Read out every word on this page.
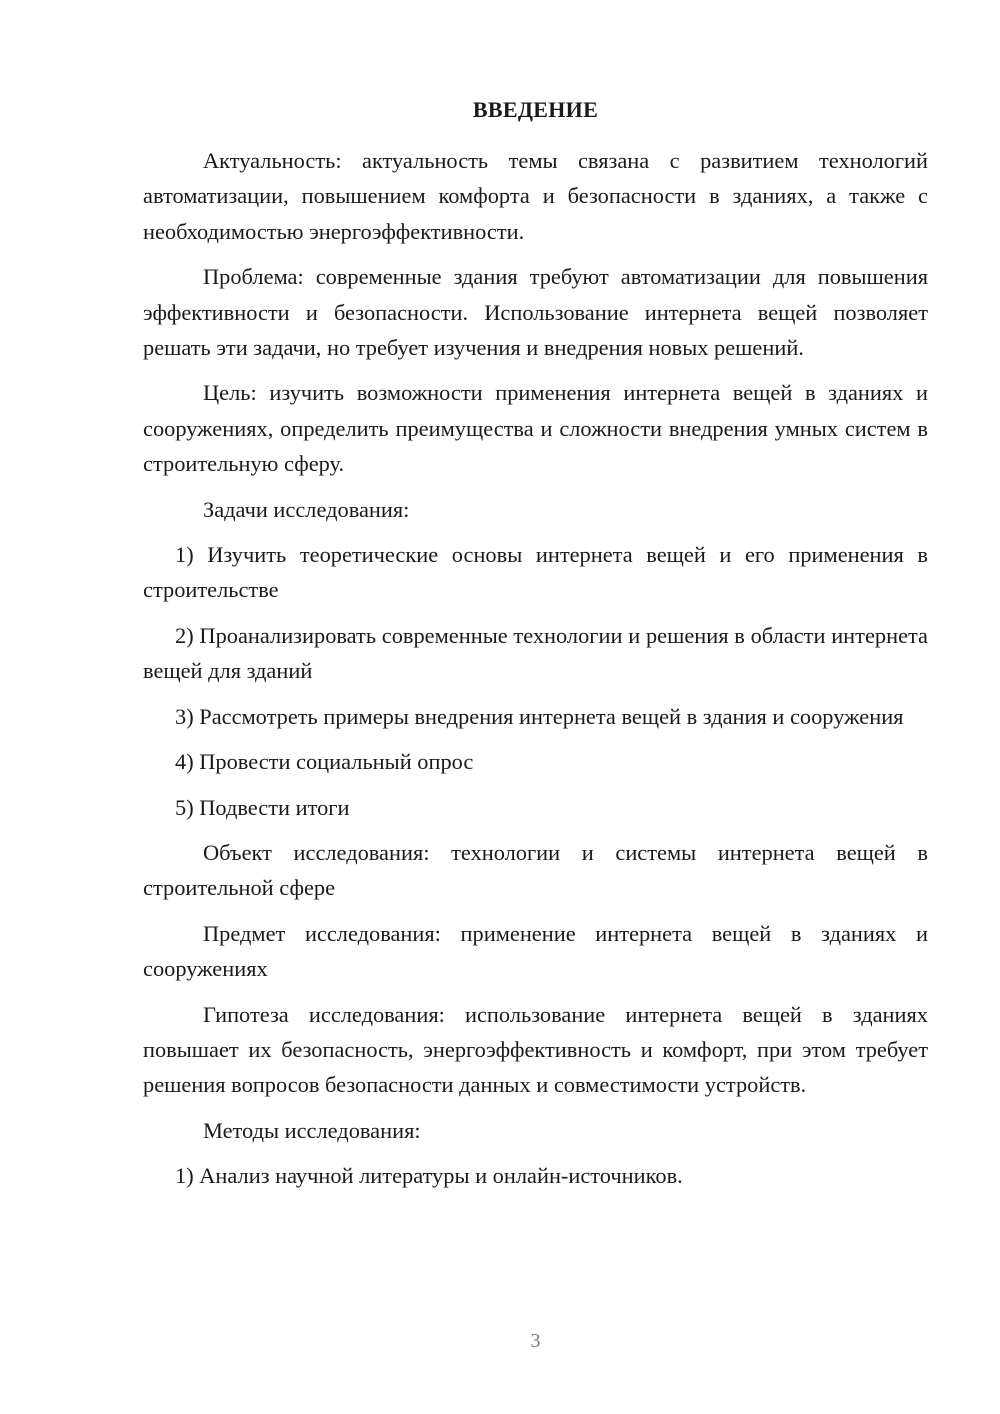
ВВЕДЕНИЕ

Актуальность: актуальность темы связана с развитием технологий автоматизации, повышением комфорта и безопасности в зданиях, а также с необходимостью энергоэффективности.

Проблема: современные здания требуют автоматизации для повышения эффективности и безопасности. Использование интернета вещей позволяет решать эти задачи, но требует изучения и внедрения новых решений.

Цель: изучить возможности применения интернета вещей в зданиях и сооружениях, определить преимущества и сложности внедрения умных систем в строительную сферу.

Задачи исследования:

1) Изучить теоретические основы интернета вещей и его применения в строительстве

2) Проанализировать современные технологии и решения в области интернета вещей для зданий

3) Рассмотреть примеры внедрения интернета вещей в здания и сооружения

4) Провести социальный опрос

5) Подвести итоги

Объект исследования: технологии и системы интернета вещей в строительной сфере

Предмет исследования: применение интернета вещей в зданиях и сооружениях

Гипотеза исследования: использование интернета вещей в зданиях повышает их безопасность, энергоэффективность и комфорт, при этом требует решения вопросов безопасности данных и совместимости устройств.

Методы исследования:

1) Анализ научной литературы и онлайн-источников.

3
